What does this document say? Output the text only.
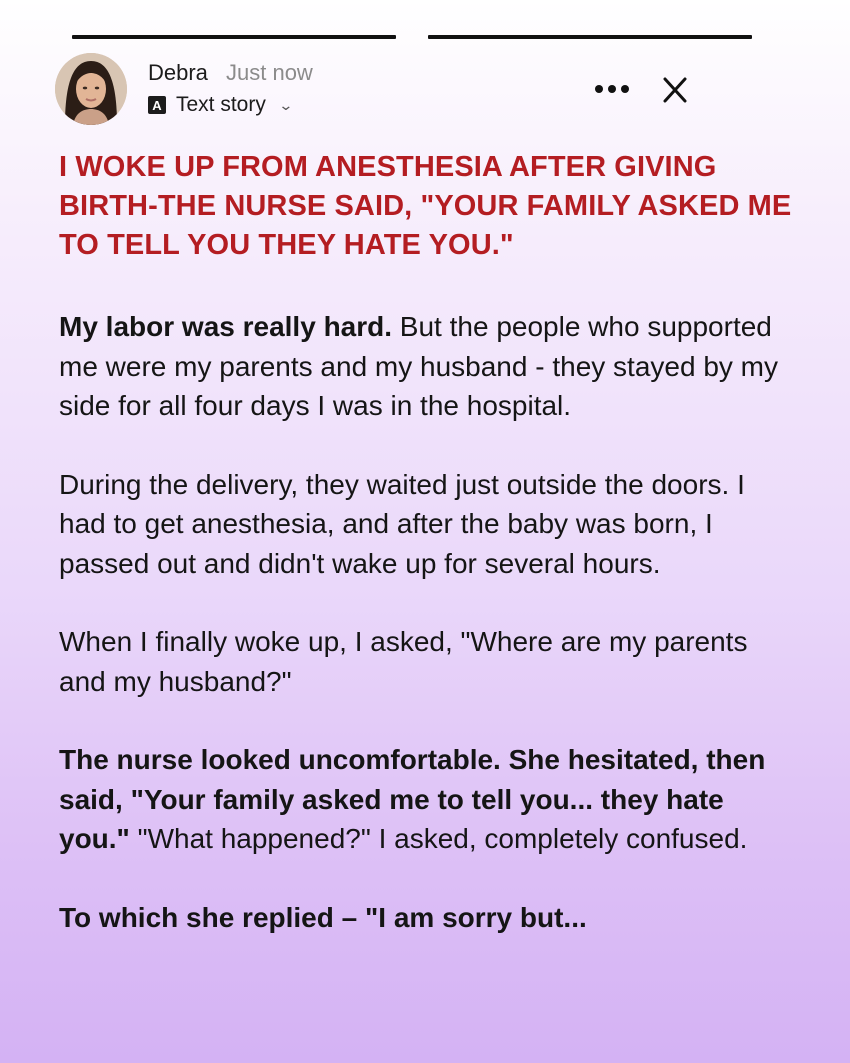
Debra Just now
A Text story ⌄
I WOKE UP FROM ANESTHESIA AFTER GIVING BIRTH-THE NURSE SAID, "YOUR FAMILY ASKED ME TO TELL YOU THEY HATE YOU."

My labor was really hard. But the people who supported me were my parents and my husband - they stayed by my side for all four days I was in the hospital.

During the delivery, they waited just outside the doors. I had to get anesthesia, and after the baby was born, I passed out and didn't wake up for several hours.

When I finally woke up, I asked, "Where are my parents and my husband?"

The nurse looked uncomfortable. She hesitated, then said, "Your family asked me to tell you... they hate you." "What happened?" I asked, completely confused.

To which she replied – "I am sorry but...
